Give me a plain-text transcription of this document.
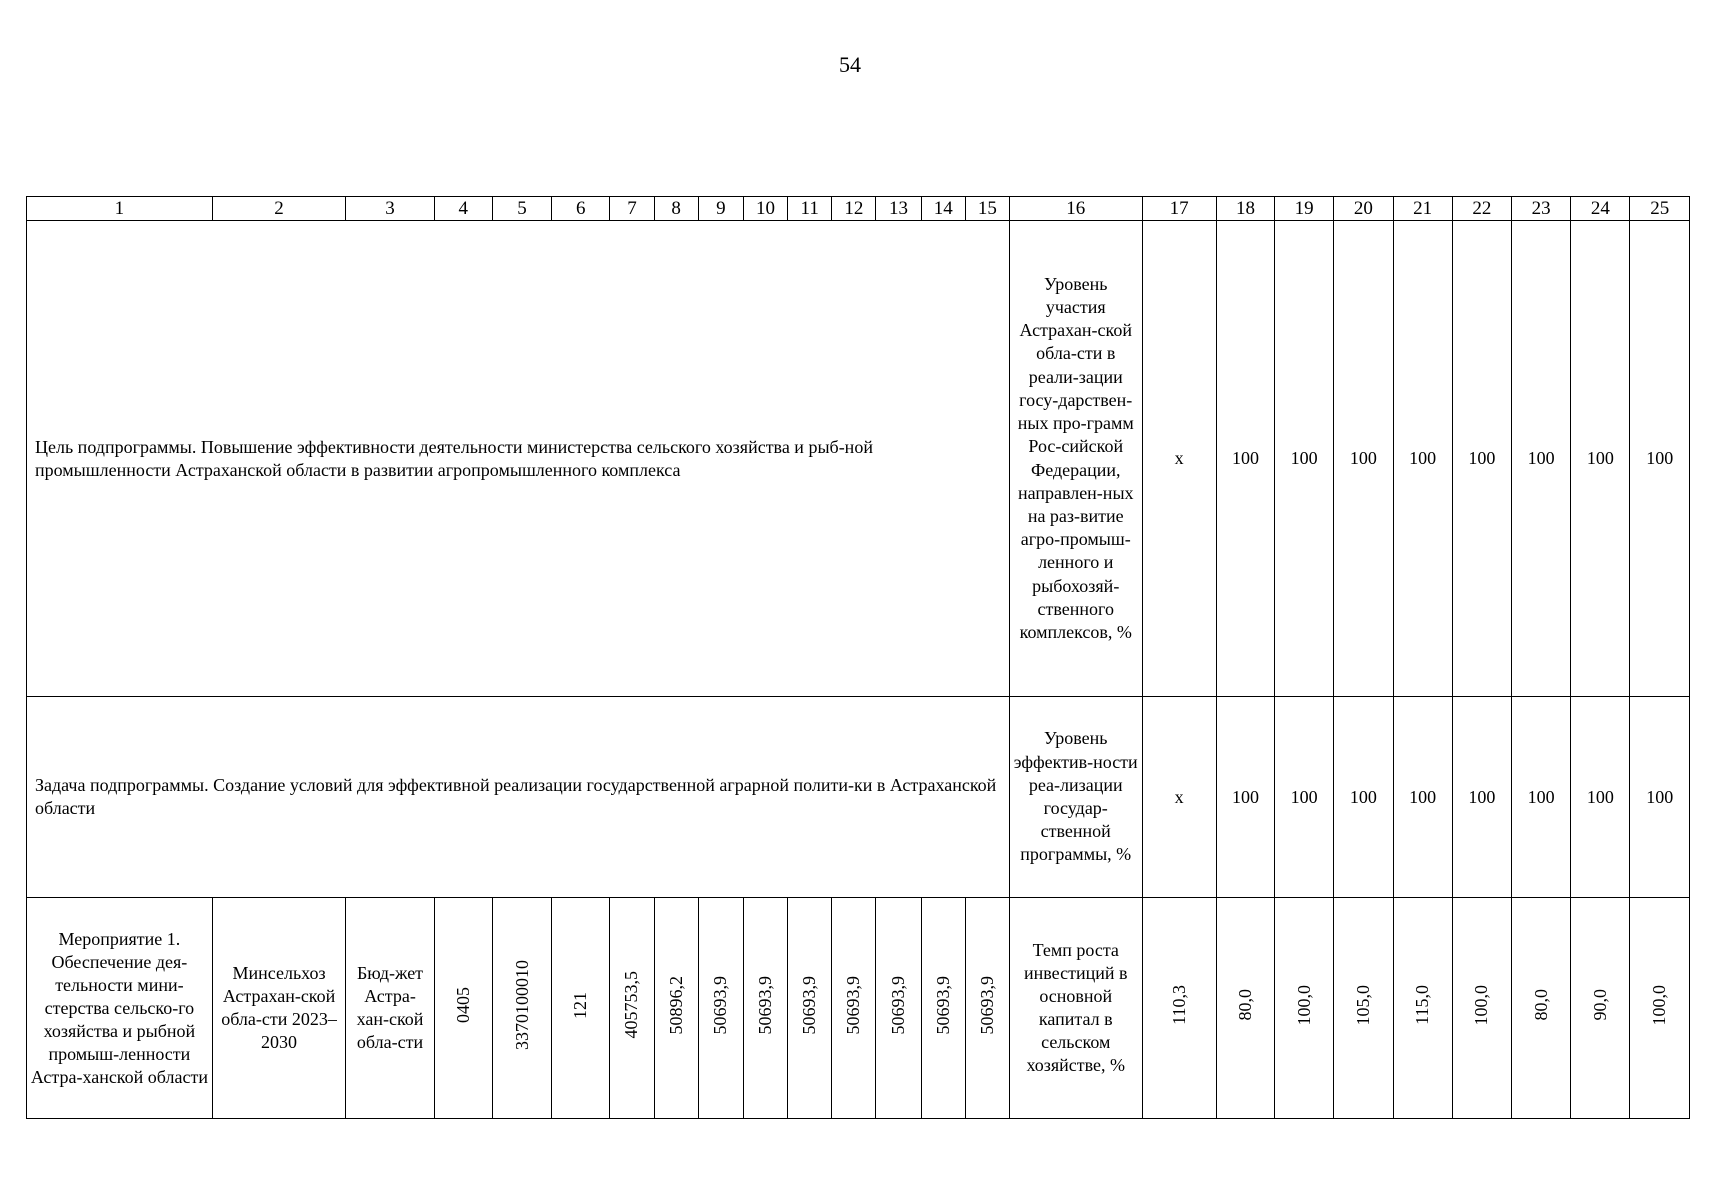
54
1	2	3	4	5	6	7	8	9	10	11	12	13	14	15	16	17	18	19	20	21	22	23	24	25
Цель подпрограммы. Повышение эффективности деятельности министерства сельского хозяйства и рыб-ной промышленности Астраханской области в развитии агропромышленного комплекса															Уровень участия Астрахан-ской обла-сти в реали-зации госу-дарствен-ных про-грамм Рос-сийской Федерации, направлен-ных на раз-витие агро-промыш-ленного и рыбохозяй-ственного комплексов, %	x	100	100	100	100	100	100	100	100
Задача подпрограммы. Создание условий для эффективной реализации государственной аграрной полити-ки в Астраханской области															Уровень эффектив-ности реа-лизации государ-ственной программы, %	x	100	100	100	100	100	100	100	100
Мероприятие 1. Обеспечение дея-тельности мини-стерства сельско-го хозяйства и рыбной промыш-ленности Астра-ханской области	Минсельхоз Астрахан-ской обла-сти 2023–2030	Бюд-жет Астра-хан-ской обла-сти	0405	3370100010	121	405753,5	50896,2	50693,9	50693,9	50693,9	50693,9	50693,9	50693,9	50693,9	Темп роста инвестиций в основной капитал в сельском хозяйстве, %	110,3	80,0	100,0	105,0	115,0	100,0	80,0	90,0	100,0
